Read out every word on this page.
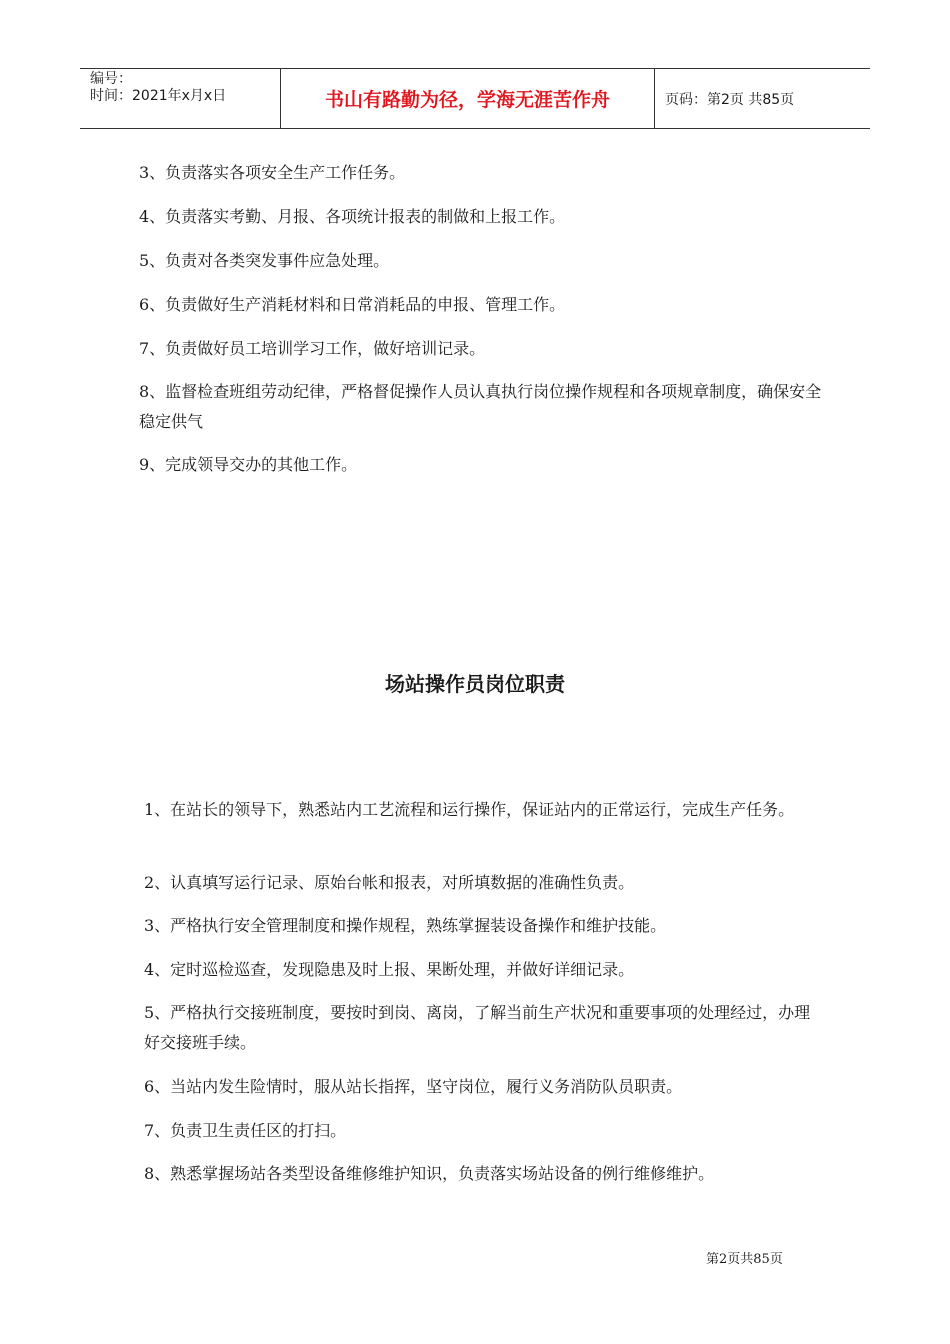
编号：
时间：2021年x月x日	书山有路勤为径，学海无涯苦作舟	页码：第2页 共85页

3、负责落实各项安全生产工作任务。

4、负责落实考勤、月报、各项统计报表的制做和上报工作。

5、负责对各类突发事件应急处理。

6、负责做好生产消耗材料和日常消耗品的申报、管理工作。

7、负责做好员工培训学习工作，做好培训记录。

8、监督检查班组劳动纪律，严格督促操作人员认真执行岗位操作规程和各项规章制度，确保安全稳定供气

9、完成领导交办的其他工作。

场站操作员岗位职责

1、在站长的领导下，熟悉站内工艺流程和运行操作，保证站内的正常运行，完成生产任务。

2、认真填写运行记录、原始台帐和报表，对所填数据的准确性负责。

3、严格执行安全管理制度和操作规程，熟练掌握装设备操作和维护技能。

4、定时巡检巡查，发现隐患及时上报、果断处理，并做好详细记录。

5、严格执行交接班制度，要按时到岗、离岗，了解当前生产状况和重要事项的处理经过，办理好交接班手续。

6、当站内发生险情时，服从站长指挥，坚守岗位，履行义务消防队员职责。

7、负责卫生责任区的打扫。

8、熟悉掌握场站各类型设备维修维护知识，负责落实场站设备的例行维修维护。

第2页共85页
